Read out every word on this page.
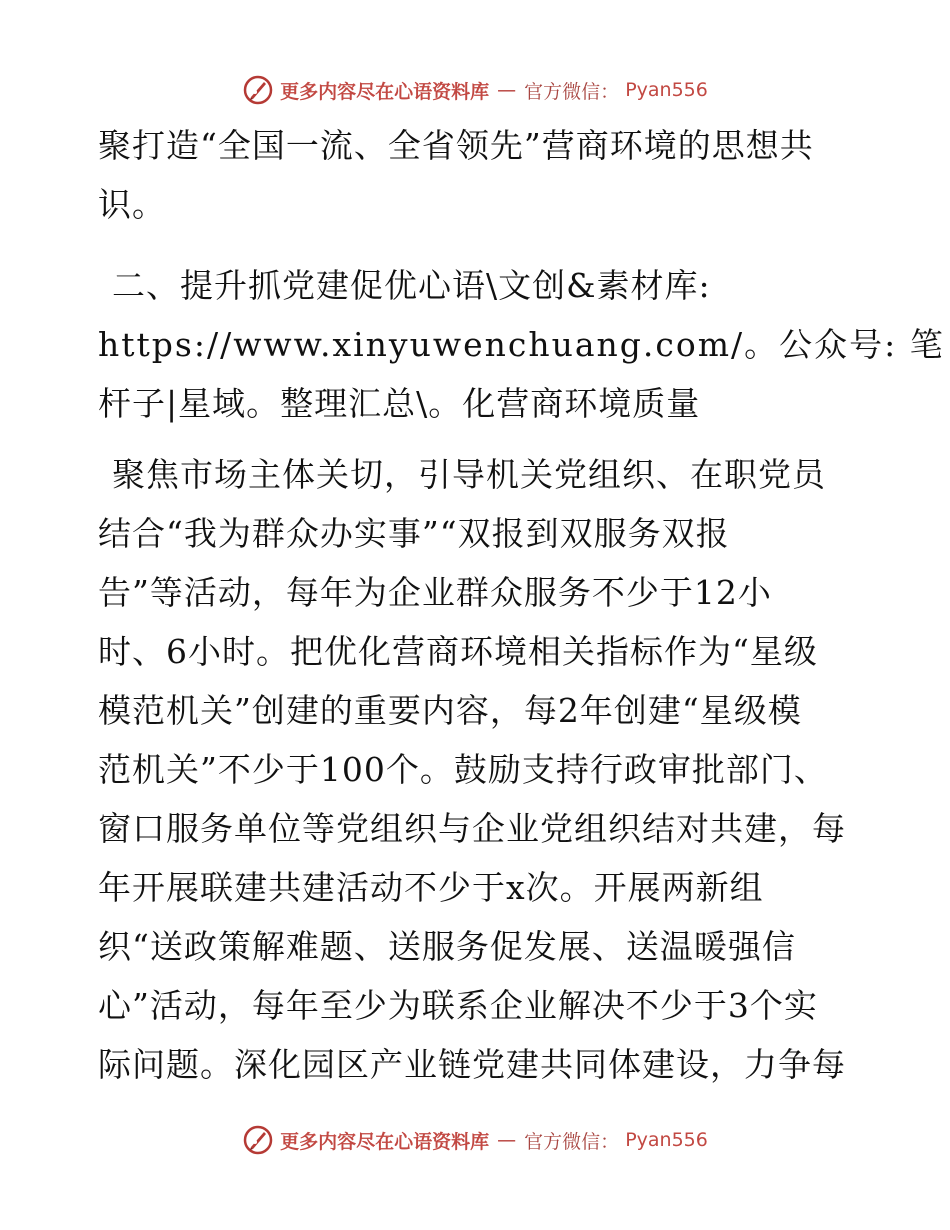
更多内容尽在心语资料库 — 官方微信： Pyan556
聚打造“全国一流、全省领先”营商环境的思想共
识。
二、提升抓党建促优心语\文创&素材库:
https://www.xinyuwenchuang.com/。公众号: 笔
杆子|星域。整理汇总\。化营商环境质量
聚焦市场主体关切，引导机关党组织、在职党员
结合“我为群众办实事”“双报到双服务双报
告”等活动，每年为企业群众服务不少于12小
时、6小时。把优化营商环境相关指标作为“星级
模范机关”创建的重要内容，每2年创建“星级模
范机关”不少于100个。鼓励支持行政审批部门、
窗口服务单位等党组织与企业党组织结对共建，每
年开展联建共建活动不少于x次。开展两新组
织“送政策解难题、送服务促发展、送温暖强信
心”活动，每年至少为联系企业解决不少于3个实
际问题。深化园区产业链党建共同体建设，力争每
更多内容尽在心语资料库 — 官方微信： Pyan556
